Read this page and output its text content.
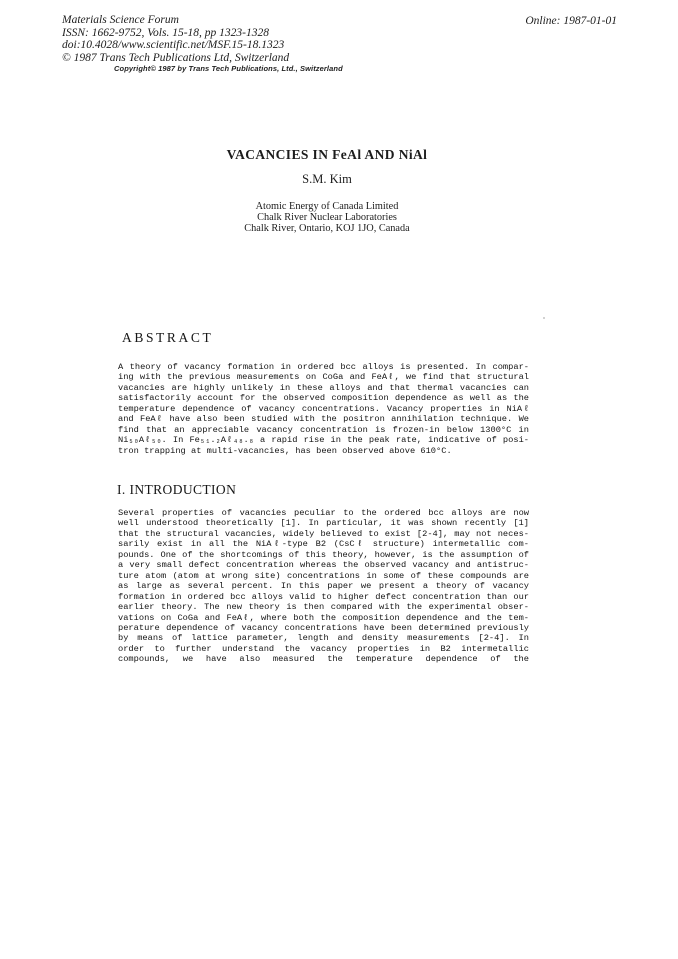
Materials Science Forum
ISSN: 1662-9752, Vols. 15-18, pp 1323-1328
doi:10.4028/www.scientific.net/MSF.15-18.1323
© 1987 Trans Tech Publications Ltd, Switzerland
Online: 1987-01-01
Copyright© 1987 by Trans Tech Publications, Ltd., Switzerland
VACANCIES IN FeAl AND NiAl
S.M. Kim
Atomic Energy of Canada Limited
Chalk River Nuclear Laboratories
Chalk River, Ontario, KOJ 1JO, Canada
ABSTRACT
A theory of vacancy formation in ordered bcc alloys is presented. In compar-
ing with the previous measurements on CoGa and FeAℓ, we find that structural
vacancies are highly unlikely in these alloys and that thermal vacancies can
satisfactorily account for the observed composition dependence as well as the
temperature dependence of vacancy concentrations. Vacancy properties in NiAℓ
and FeAℓ have also been studied with the positron annihilation technique. We
find that an appreciable vacancy concentration is frozen-in below 1300°C in
Ni₅₀Aℓ₅₀. In Fe₅₁.₂Aℓ₄₈.₈ a rapid rise in the peak rate, indicative of posi-
tron trapping at multi-vacancies, has been observed above 610°C.
I. INTRODUCTION
Several properties of vacancies peculiar to the ordered bcc alloys are now
well understood theoretically [1]. In particular, it was shown recently [1]
that the structural vacancies, widely believed to exist [2-4], may not neces-
sarily exist in all the NiAℓ-type B2 (CsCℓ structure) intermetallic com-
pounds. One of the shortcomings of this theory, however, is the assumption of
a very small defect concentration whereas the observed vacancy and antistruc-
ture atom (atom at wrong site) concentrations in some of these compounds are
as large as several percent. In this paper we present a theory of vacancy
formation in ordered bcc alloys valid to higher defect concentration than our
earlier theory. The new theory is then compared with the experimental obser-
vations on CoGa and FeAℓ, where both the composition dependence and the tem-
perature dependence of vacancy concentrations have been determined previously
by means of lattice parameter, length and density measurements [2-4]. In
order to further understand the vacancy properties in B2 intermetallic
compounds, we have also measured the temperature dependence of the
